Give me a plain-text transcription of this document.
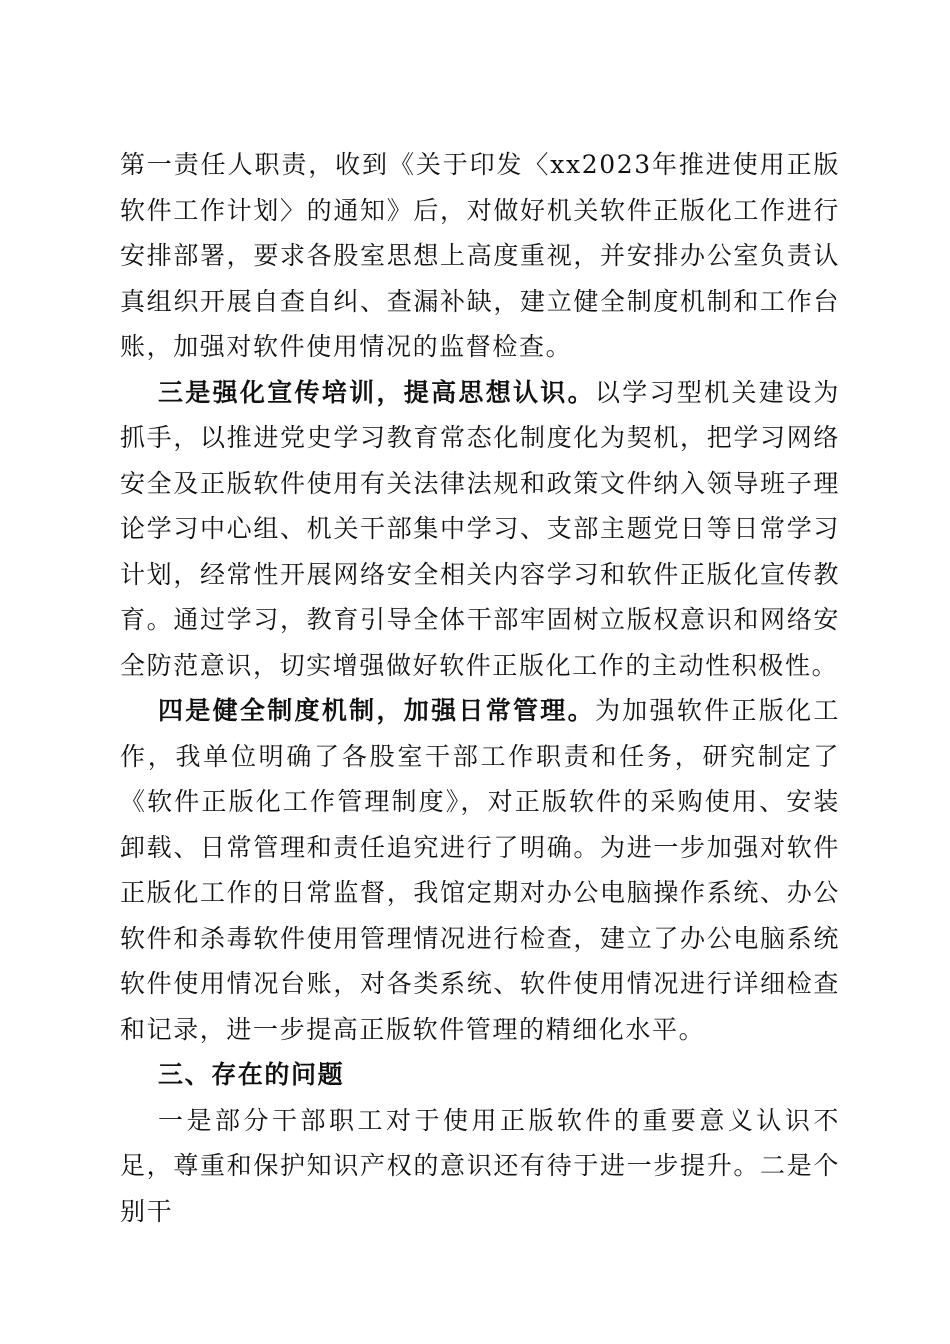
第一责任人职责，收到《关于印发〈xx2023年推进使用正版软件工作计划〉的通知》后，对做好机关软件正版化工作进行安排部署，要求各股室思想上高度重视，并安排办公室负责认真组织开展自查自纠、查漏补缺，建立健全制度机制和工作台账，加强对软件使用情况的监督检查。

三是强化宣传培训，提高思想认识。以学习型机关建设为抓手，以推进党史学习教育常态化制度化为契机，把学习网络安全及正版软件使用有关法律法规和政策文件纳入领导班子理论学习中心组、机关干部集中学习、支部主题党日等日常学习计划，经常性开展网络安全相关内容学习和软件正版化宣传教育。通过学习，教育引导全体干部牢固树立版权意识和网络安全防范意识，切实增强做好软件正版化工作的主动性积极性。

四是健全制度机制，加强日常管理。为加强软件正版化工作，我单位明确了各股室干部工作职责和任务，研究制定了《软件正版化工作管理制度》，对正版软件的采购使用、安装卸载、日常管理和责任追究进行了明确。为进一步加强对软件正版化工作的日常监督，我馆定期对办公电脑操作系统、办公软件和杀毒软件使用管理情况进行检查，建立了办公电脑系统软件使用情况台账，对各类系统、软件使用情况进行详细检查和记录，进一步提高正版软件管理的精细化水平。

三、存在的问题

一是部分干部职工对于使用正版软件的重要意义认识不足，尊重和保护知识产权的意识还有待于进一步提升。二是个别干
